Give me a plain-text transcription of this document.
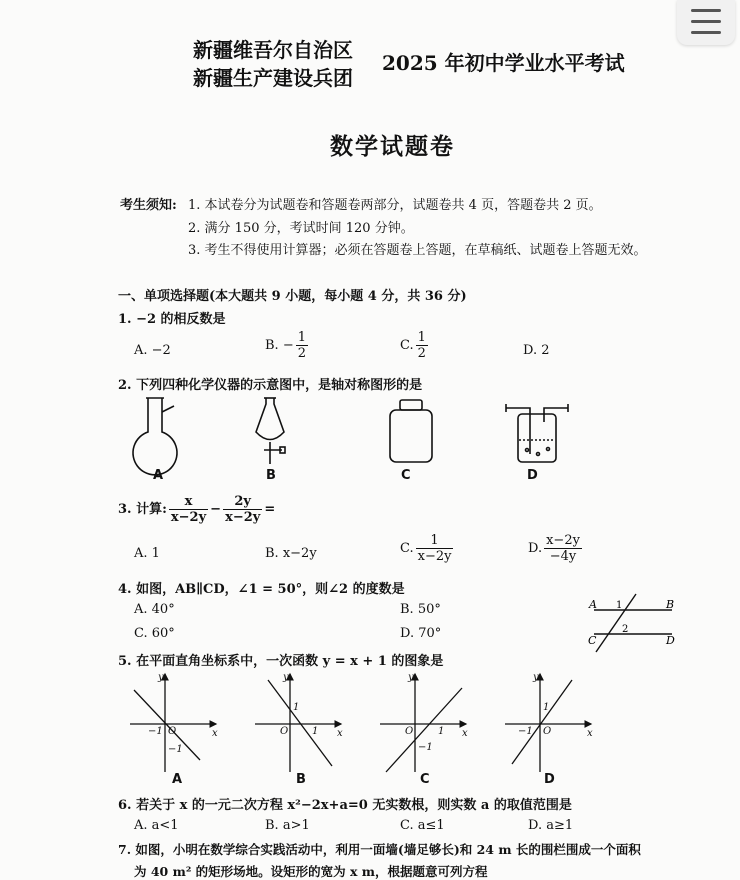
新疆维吾尔自治区
新疆生产建设兵团
2025 年初中学业水平考试
数学试题卷
考生须知: 1. 本试卷分为试题卷和答题卷两部分，试题卷共 4 页，答题卷共 2 页。
2. 满分 150 分，考试时间 120 分钟。
3. 考生不得使用计算器；必须在答题卷上答题，在草稿纸、试题卷上答题无效。
一、单项选择题(本大题共 9 小题，每小题 4 分，共 36 分)
1. −2 的相反数是
A. −2	B. − $\frac{1}{2}$	C. $\frac{1}{2}$	D. 2
2. 下列四种化学仪器的示意图中，是轴对称图形的是
A	B	C	D
3. 计算: $\frac{x}{x-2y} - \frac{2y}{x-2y}$ =
A. 1	B. x−2y	C. $\frac{1}{x-2y}$	D. $\frac{x-2y}{-4y}$
4. 如图，AB∥CD，∠1 = 50°，则∠2 的度数是
A. 40°	B. 50°
C. 60°	D. 70°
A	B
C	D
1
2
5. 在平面直角坐标系中，一次函数 y = x + 1 的图象是
y
x
O
−1
−1
y
x
O 1
1
y
x
O 1
−1
y
x
O
−1
1
A	B	C	D
6. 若关于 x 的一元二次方程 x²−2x+a=0 无实数根，则实数 a 的取值范围是
A. a<1	B. a>1	C. a≤1	D. a≥1
7. 如图，小明在数学综合实践活动中，利用一面墙(墙足够长)和 24 m 长的围栏围成一个面积
为 40 m² 的矩形场地。设矩形的宽为 x m，根据题意可列方程
